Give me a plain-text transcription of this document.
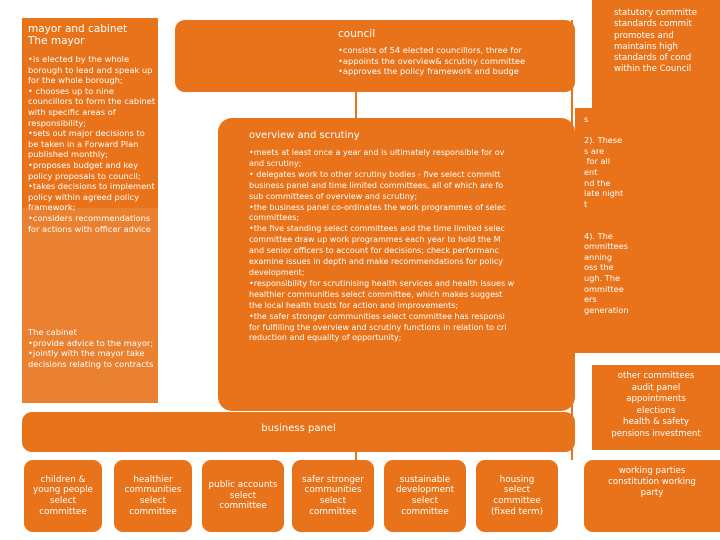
mayor and cabinet
The mayor
•is elected by the whole borough to lead and speak up for the whole borough;
• chooses up to nine councillors to form the cabinet with specific areas of responsibility;
•sets out major decisions to be taken in a Forward Plan published monthly;
•proposes budget and key policy proposals to council;
•takes decisions to implement policy within agreed policy framework;
•considers recommendations for actions with officer advice
The cabinet
•provide advice to the mayor;
•jointly with the mayor take decisions relating to contracts
council
•consists of 54 elected councillors, three for
•appoints the overview& scrutiny committee
•approves the policy framework and budge
statutory committe
standards commit
promotes and
maintains high
standards of cond
within the Council
overview and scrutiny
•meets at least once a year and is ultimately responsible for ov
and scrutiny;
• delegates work to other scrutiny bodies - five select committ
business panel and time limited committees, all of which are fo
sub committees of overview and scrutiny;
•the business panel co-ordinates the work programmes of selec
committees;
•the five standing select committees and the time limited selec
committee draw up work programmes each year to hold the M
and senior officers to account for decisions; check performanc
examine issues in depth and make recommendations for policy
development;
•responsibility for scrutinising health services and health issues w
healthier communities select committee, which makes suggest
the local health trusts for action and improvements;
•the safer stronger communities select committee has responsi
for fulfilling the overview and scrutiny functions in relation to cri
reduction and equality of opportunity;
s

2). These
s are
for all
ent
nd the
late night
t

4). The
ommittees
anning
oss the
ugh. The
ommittee
ers
generation
other committees
audit panel
appointments
elections
health & safety
pensions investment
business panel
children &
young people
select
committee
healthier
communities
select
committee
public accounts
select
committee
safer stronger
communities
select
committee
sustainable
development
select
committee
housing
select
committee
(fixed term)
working parties
constitution working
party
